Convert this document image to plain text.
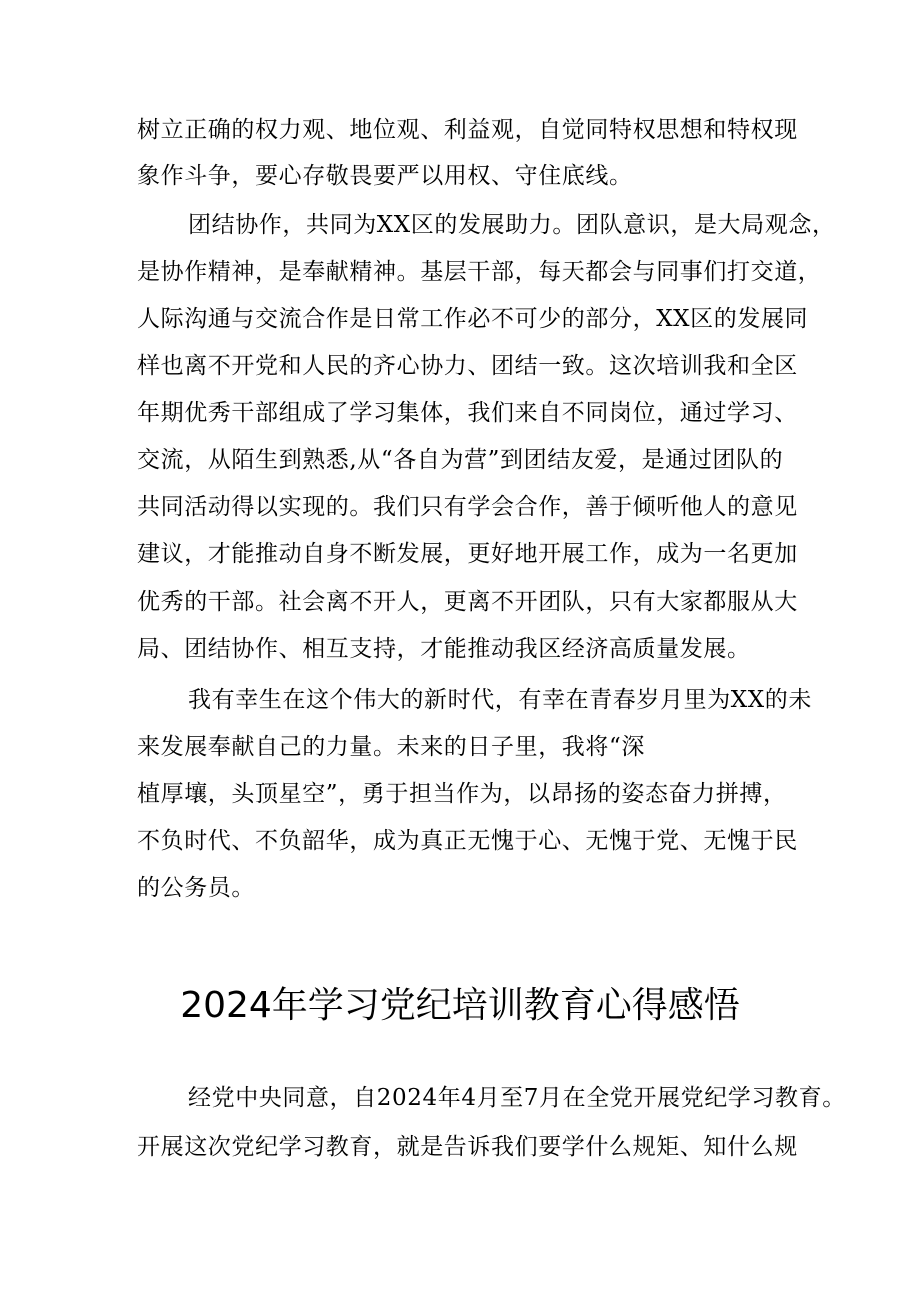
树立正确的权力观、地位观、利益观，自觉同特权思想和特权现
象作斗争，要心存敬畏要严以用权、守住底线。
团结协作，共同为XX区的发展助力。团队意识，是大局观念，
是协作精神，是奉献精神。基层干部，每天都会与同事们打交道，
人际沟通与交流合作是日常工作必不可少的部分，XX区的发展同
样也离不开党和人民的齐心协力、团结一致。这次培训我和全区
年期优秀干部组成了学习集体，我们来自不同岗位，通过学习、
交流，从陌生到熟悉,从“各自为营”到团结友爱，是通过团队的
共同活动得以实现的。我们只有学会合作，善于倾听他人的意见
建议，才能推动自身不断发展，更好地开展工作，成为一名更加
优秀的干部。社会离不开人，更离不开团队，只有大家都服从大
局、团结协作、相互支持，才能推动我区经济高质量发展。
我有幸生在这个伟大的新时代，有幸在青春岁月里为XX的未
来发展奉献自己的力量。未来的日子里，我将“深
植厚壤，头顶星空”，勇于担当作为，以昂扬的姿态奋力拼搏，
不负时代、不负韶华，成为真正无愧于心、无愧于党、无愧于民
的公务员。
2024年学习党纪培训教育心得感悟
经党中央同意，自2024年4月至7月在全党开展党纪学习教育。
开展这次党纪学习教育，就是告诉我们要学什么规矩、知什么规
